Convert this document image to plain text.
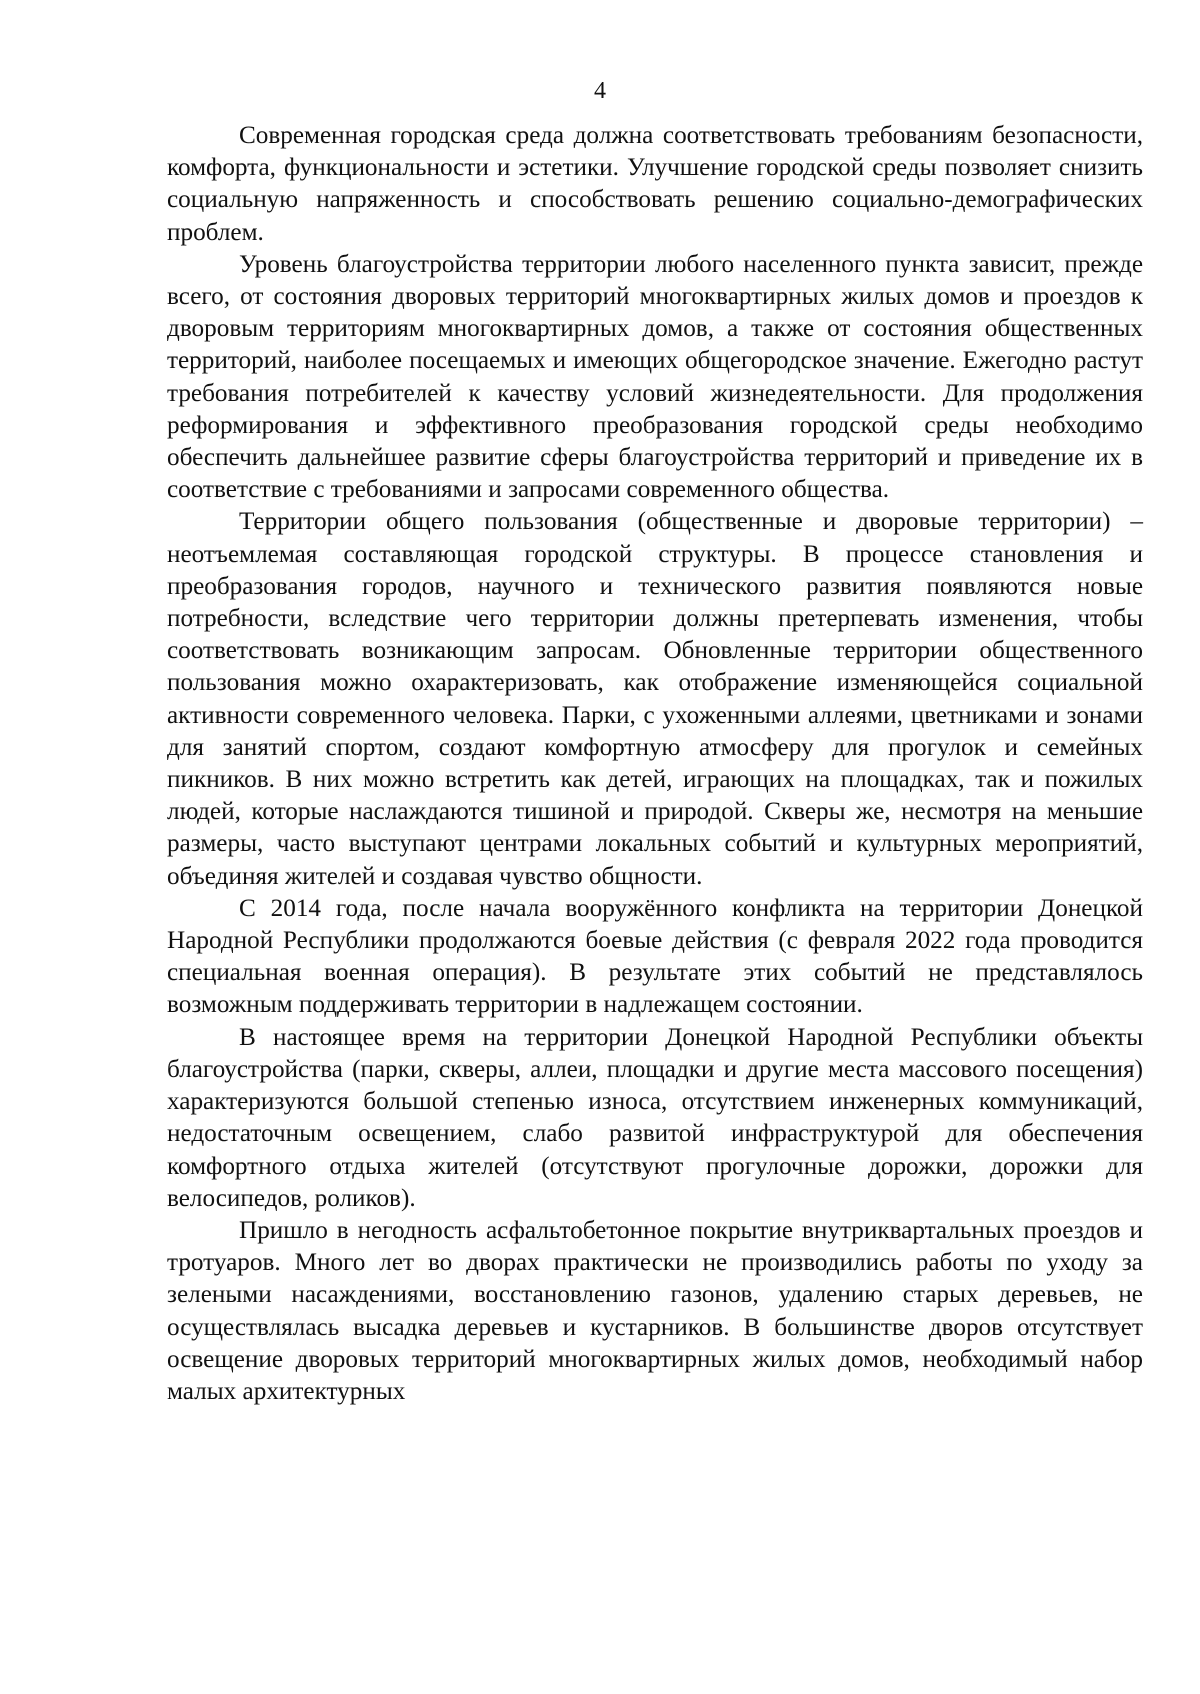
4

Современная городская среда должна соответствовать требованиям безопасности, комфорта, функциональности и эстетики. Улучшение городской среды позволяет снизить социальную напряженность и способствовать решению социально-демографических проблем.

Уровень благоустройства территории любого населенного пункта зависит, прежде всего, от состояния дворовых территорий многоквартирных жилых домов и проездов к дворовым территориям многоквартирных домов, а также от состояния общественных территорий, наиболее посещаемых и имеющих общегородское значение. Ежегодно растут требования потребителей к качеству условий жизнедеятельности. Для продолжения реформирования и эффективного преобразования городской среды необходимо обеспечить дальнейшее развитие сферы благоустройства территорий и приведение их в соответствие с требованиями и запросами современного общества.

Территории общего пользования (общественные и дворовые территории) – неотъемлемая составляющая городской структуры. В процессе становления и преобразования городов, научного и технического развития появляются новые потребности, вследствие чего территории должны претерпевать изменения, чтобы соответствовать возникающим запросам. Обновленные территории общественного пользования можно охарактеризовать, как отображение изменяющейся социальной активности современного человека. Парки, с ухоженными аллеями, цветниками и зонами для занятий спортом, создают комфортную атмосферу для прогулок и семейных пикников. В них можно встретить как детей, играющих на площадках, так и пожилых людей, которые наслаждаются тишиной и природой. Скверы же, несмотря на меньшие размеры, часто выступают центрами локальных событий и культурных мероприятий, объединяя жителей и создавая чувство общности.

С 2014 года, после начала вооружённого конфликта на территории Донецкой Народной Республики продолжаются боевые действия (с февраля 2022 года проводится специальная военная операция). В результате этих событий не представлялось возможным поддерживать территории в надлежащем состоянии.

В настоящее время на территории Донецкой Народной Республики объекты благоустройства (парки, скверы, аллеи, площадки и другие места массового посещения) характеризуются большой степенью износа, отсутствием инженерных коммуникаций, недостаточным освещением, слабо развитой инфраструктурой для обеспечения комфортного отдыха жителей (отсутствуют прогулочные дорожки, дорожки для велосипедов, роликов).

Пришло в негодность асфальтобетонное покрытие внутриквартальных проездов и тротуаров. Много лет во дворах практически не производились работы по уходу за зелеными насаждениями, восстановлению газонов, удалению старых деревьев, не осуществлялась высадка деревьев и кустарников. В большинстве дворов отсутствует освещение дворовых территорий многоквартирных жилых домов, необходимый набор малых архитектурных
